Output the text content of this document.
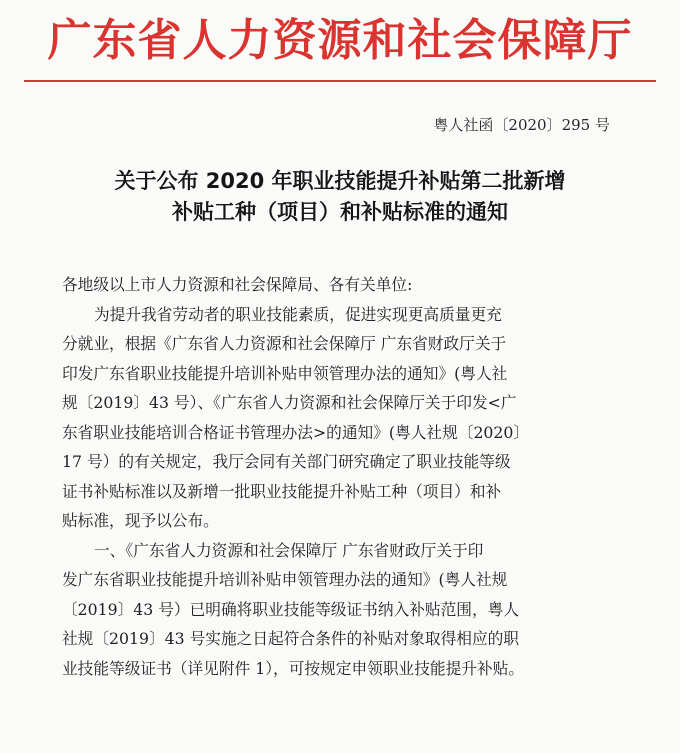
广东省人力资源和社会保障厅
粤人社函〔2020〕295 号
关于公布 2020 年职业技能提升补贴第二批新增
补贴工种（项目）和补贴标准的通知
各地级以上市人力资源和社会保障局、各有关单位:
为提升我省劳动者的职业技能素质，促进实现更高质量更充
分就业，根据《广东省人力资源和社会保障厅 广东省财政厅关于
印发广东省职业技能提升培训补贴申领管理办法的通知》(粤人社
规〔2019〕43 号）、《广东省人力资源和社会保障厅关于印发<广
东省职业技能培训合格证书管理办法>的通知》(粤人社规〔2020〕
17 号）的有关规定，我厅会同有关部门研究确定了职业技能等级
证书补贴标准以及新增一批职业技能提升补贴工种（项目）和补
贴标准，现予以公布。
一、《广东省人力资源和社会保障厅 广东省财政厅关于印
发广东省职业技能提升培训补贴申领管理办法的通知》(粤人社规
〔2019〕43 号）已明确将职业技能等级证书纳入补贴范围，粤人
社规〔2019〕43 号实施之日起符合条件的补贴对象取得相应的职
业技能等级证书（详见附件 1），可按规定申领职业技能提升补贴。
